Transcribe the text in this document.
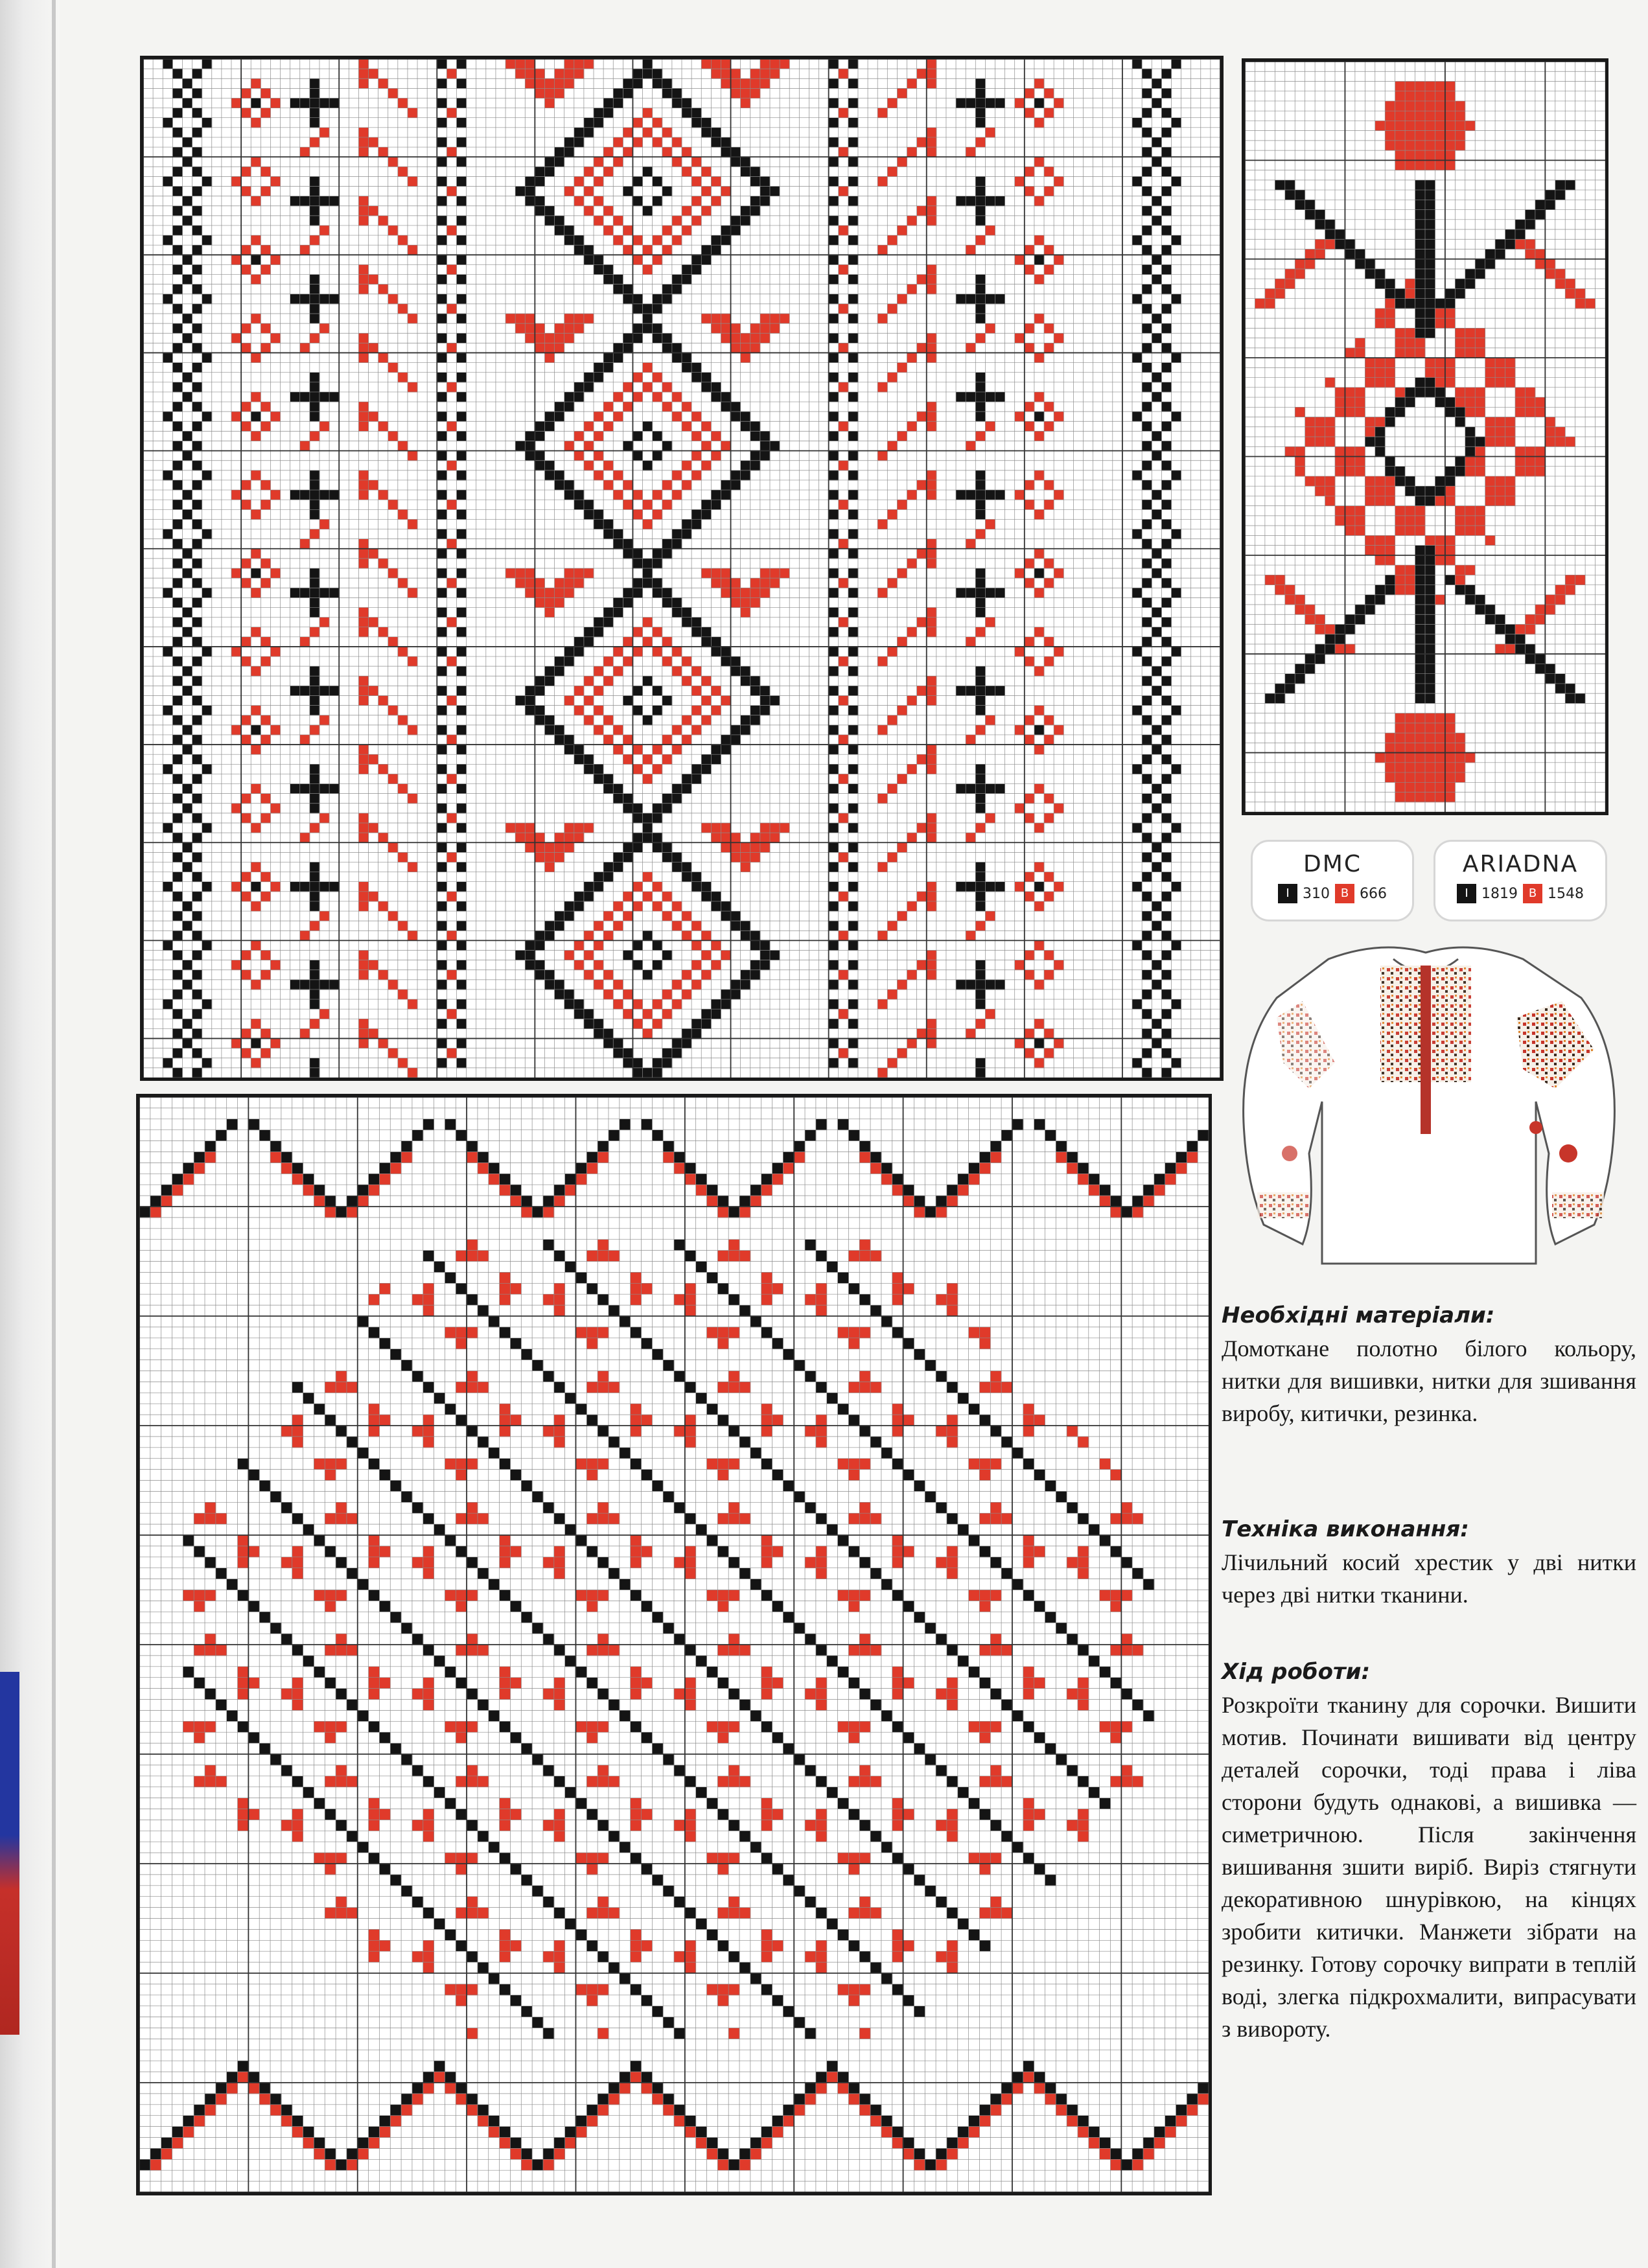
DMC
I 310 B 666
ARIADNA
I 1819 B 1548
Необхідні матеріали:

Домоткане полотно білого кольору, нитки для вишивки, нитки для зшивання виробу, китички, резинка.

Техніка виконання:

Лічильний косий хрестик у дві нитки через дві нитки тканини.

Хід роботи:

Розкроїти тканину для сорочки. Вишити мотив. Починати вишивати від центру деталей сорочки, тоді права і ліва сторони будуть однакові, а вишивка — симетричною. Після закінчення вишивання зшити виріб. Виріз стягнути декоративною шнурівкою, на кінцях зробити китички. Манжети зібрати на резинку. Готову сорочку випрати в теплій воді, злегка підкрохмалити, випрасувати з вивороту.
